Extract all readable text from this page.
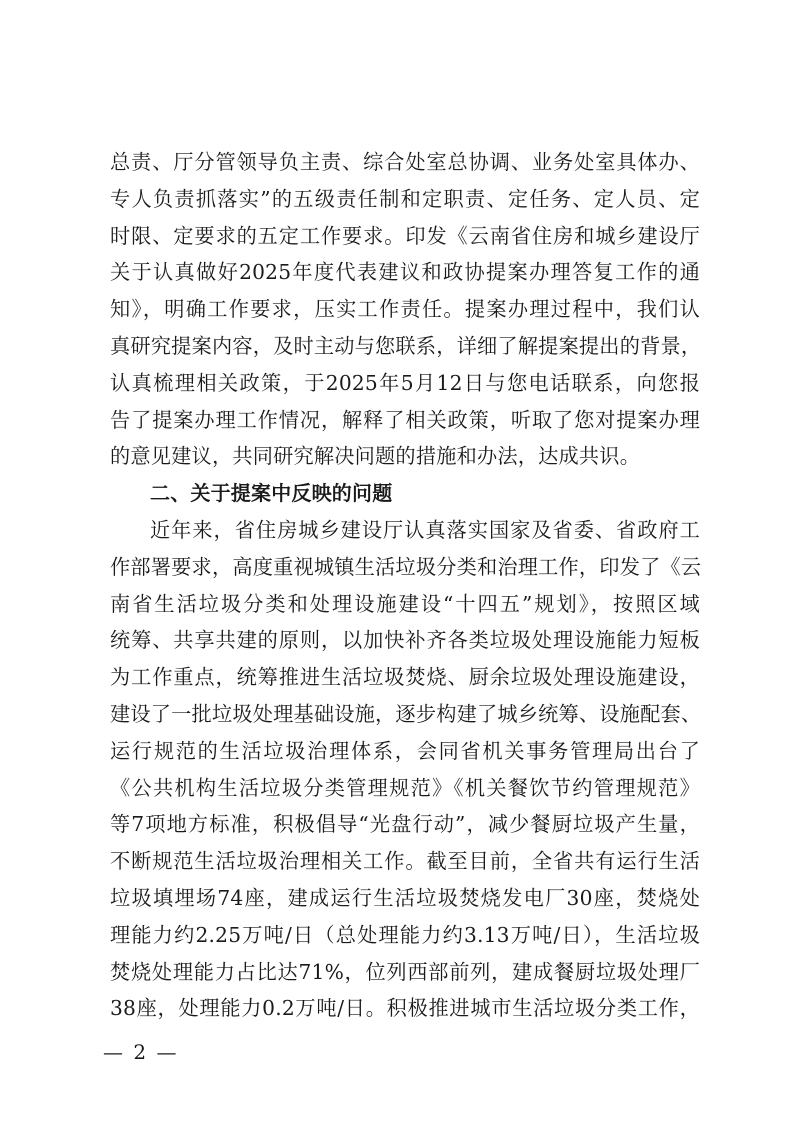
总责、厅分管领导负主责、综合处室总协调、业务处室具体办、
专人负责抓落实”的五级责任制和定职责、定任务、定人员、定
时限、定要求的五定工作要求。印发《云南省住房和城乡建设厅
关于认真做好2025年度代表建议和政协提案办理答复工作的通
知》，明确工作要求，压实工作责任。提案办理过程中，我们认
真研究提案内容，及时主动与您联系，详细了解提案提出的背景，
认真梳理相关政策，于2025年5月12日与您电话联系，向您报
告了提案办理工作情况，解释了相关政策，听取了您对提案办理
的意见建议，共同研究解决问题的措施和办法，达成共识。
二、关于提案中反映的问题
近年来，省住房城乡建设厅认真落实国家及省委、省政府工
作部署要求，高度重视城镇生活垃圾分类和治理工作，印发了《云
南省生活垃圾分类和处理设施建设“十四五”规划》，按照区域
统筹、共享共建的原则，以加快补齐各类垃圾处理设施能力短板
为工作重点，统筹推进生活垃圾焚烧、厨余垃圾处理设施建设，
建设了一批垃圾处理基础设施，逐步构建了城乡统筹、设施配套、
运行规范的生活垃圾治理体系，会同省机关事务管理局出台了
《公共机构生活垃圾分类管理规范》《机关餐饮节约管理规范》
等7项地方标准，积极倡导“光盘行动”，减少餐厨垃圾产生量，
不断规范生活垃圾治理相关工作。截至目前，全省共有运行生活
垃圾填埋场74座，建成运行生活垃圾焚烧发电厂30座，焚烧处
理能力约2.25万吨/日（总处理能力约3.13万吨/日），生活垃圾
焚烧处理能力占比达71%，位列西部前列，建成餐厨垃圾处理厂
38座，处理能力0.2万吨/日。积极推进城市生活垃圾分类工作，
— 2 —
